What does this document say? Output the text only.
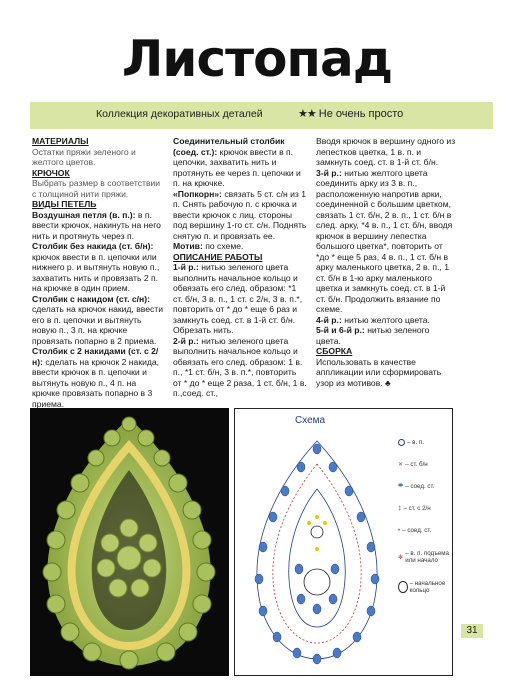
Листопад
Коллекция декоративных деталей	★★ Не очень просто

МАТЕРИАЛЫ

Остатки пряжи зеленого и желтого цветов.

КРЮЧОК

Выбрать размер в соответствии с толщиной нити пряжи.

ВИДЫ ПЕТЕЛЬ

Воздушная петля (в. п.): в п. ввести крючок, накинуть на него нить и протянуть через п.

Столбик без накида (ст. б/н): крючок ввести в п. цепочки или нижнего р. и вытянуть новую п., захватить нить и провязать 2 п. на крючке в один прием.

Столбик с накидом (ст. с/н): сделать на крючок накид, ввести его в п. цепочки и вытянуть новую п., 3 п. на крючке провязать попарно в 2 приема.

Столбик с 2 накидами (ст. с 2/н): сделать на крючок 2 накида, ввести крючок в п. цепочки и вытянуть новую п., 4 п. на крючке провязать попарно в 3 приема.

Соединительный столбик (соед. ст.): крючок ввести в п. цепочки, захватить нить и протянуть ее через п. цепочки и п. на крючке.

«Попкорн»: связать 5 ст. с/н из 1 п. Снять рабочую п. с крючка и ввести крючок с лиц. стороны под вершину 1-го ст. с/н. Поднять снятую п. и провязать ее.

Мотив: по схеме.

ОПИСАНИЕ РАБОТЫ

1-й р.: нитью зеленого цвета выполнить начальное кольцо и обвязать его след. образом: *1 ст. б/н, 3 в. п., 1 ст. с 2/н, 3 в. п.*, повторить от * до * еще 6 раз и замкнуть соед. ст. в 1-й ст. б/н. Обрезать нить.

2-й р.: нитью зеленого цвета выполнить начальное кольцо и обвязать его след. образом: 1 в. п., *1 ст. б/н, 3 в. п.*, повторить от * до * еще 2 раза, 1 ст. б/н, 1 в. п.,соед. ст.,

Вводя крючок в вершину одного из лепестков цветка, 1 в. п. и замкнуть соед. ст. в 1-й ст. б/н.

3-й р.: нитью желтого цвета соединить арку из 3 в. п., расположенную напротив арки, соединенной с большим цветком, связать 1 ст. б/н, 2 в. п., 1 ст. б/н в след. арку, *4 в. п., 1 ст. б/н, вводя крючок в вершину лепестка большого цветка*, повторить от *до * еще 5 раз, 4 в. п., 1 ст. б/н в арку маленького цветка, 2 в. п., 1 ст. б/н в 1-ю арку маленького цветка и замкнуть соед. ст. в 1-й ст. б/н. Продолжить вязание по схеме.

4-й р.: нитью желтого цвета.

5-й и 6-й р.: нитью зеленого цвета.

СБОРКА

Использовать в качестве аппликации или сформировать узор из мотивов. ♣

Схема
– в. п.
✕ – ст. б/н
⬬ – соед. ст.
‡ – ст. с 2/н
• – соед. ст.
✻ – в. п. подъема или начало
– начальное кольцо
31
